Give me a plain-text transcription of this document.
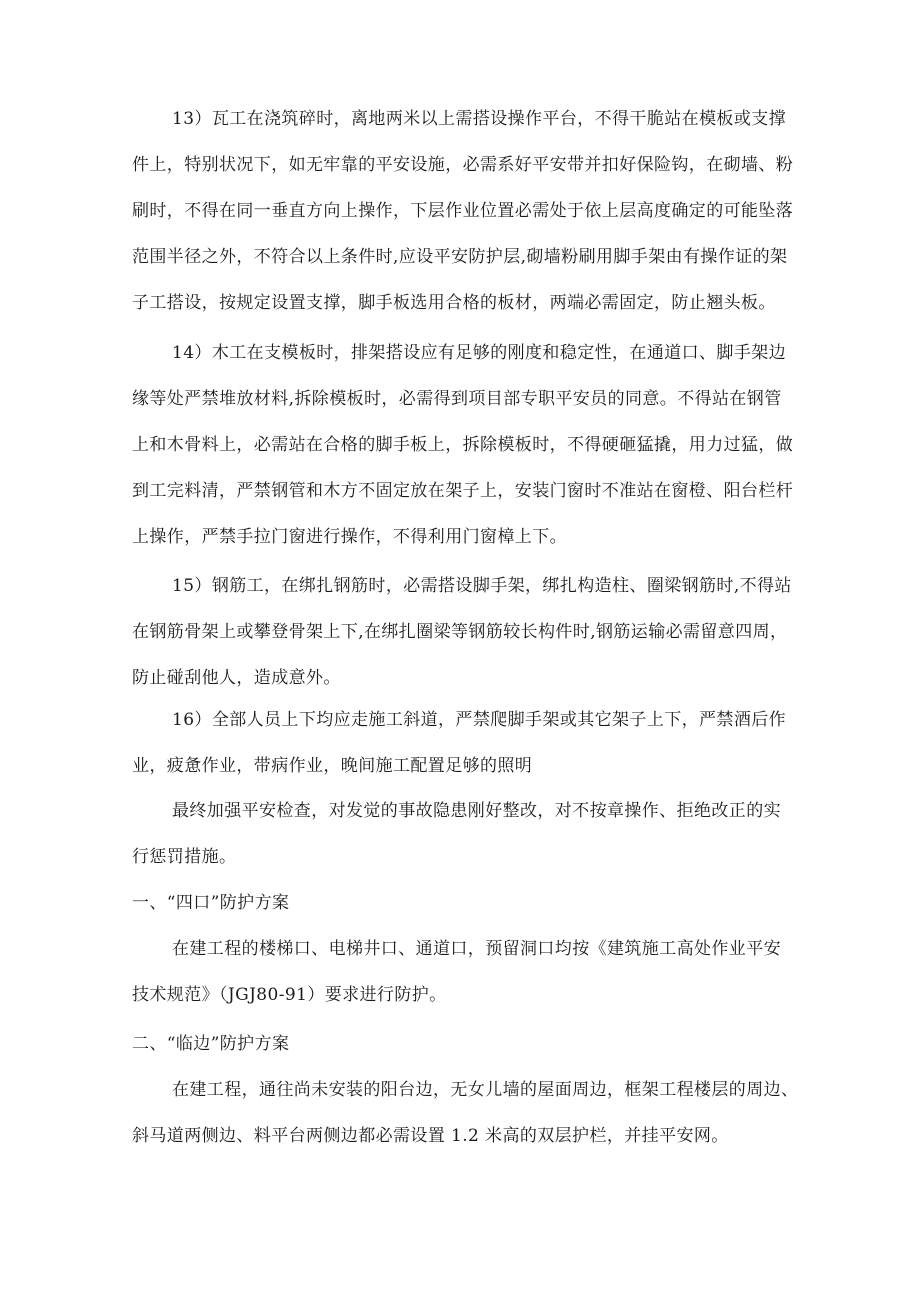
13）瓦工在浇筑碎时，离地两米以上需搭设操作平台，不得干脆站在模板或支撑
件上，特别状况下，如无牢靠的平安设施，必需系好平安带并扣好保险钩，在砌墙、粉
刷时，不得在同一垂直方向上操作，下层作业位置必需处于依上层高度确定的可能坠落
范围半径之外，不符合以上条件时,应设平安防护层,砌墙粉刷用脚手架由有操作证的架
子工搭设，按规定设置支撑，脚手板选用合格的板材，两端必需固定，防止翘头板。
14）木工在支模板时，排架搭设应有足够的刚度和稳定性，在通道口、脚手架边
缘等处严禁堆放材料,拆除模板时，必需得到项目部专职平安员的同意。不得站在钢管
上和木骨料上，必需站在合格的脚手板上，拆除模板时，不得硬砸猛撬，用力过猛，做
到工完料清，严禁钢管和木方不固定放在架子上，安装门窗时不准站在窗橙、阳台栏杆
上操作，严禁手拉门窗进行操作，不得利用门窗樟上下。
15）钢筋工，在绑扎钢筋时，必需搭设脚手架，绑扎构造柱、圈梁钢筋时,不得站
在钢筋骨架上或攀登骨架上下,在绑扎圈梁等钢筋较长构件时,钢筋运输必需留意四周，
防止碰刮他人，造成意外。
16）全部人员上下均应走施工斜道，严禁爬脚手架或其它架子上下，严禁酒后作
业，疲惫作业，带病作业，晚间施工配置足够的照明
最终加强平安检查，对发觉的事故隐患刚好整改，对不按章操作、拒绝改正的实
行惩罚措施。
一、“四口”防护方案
在建工程的楼梯口、电梯井口、通道口，预留洞口均按《建筑施工高处作业平安
技术规范》（JGJ80-91）要求进行防护。
二、“临边”防护方案
在建工程，通往尚未安装的阳台边，无女儿墙的屋面周边，框架工程楼层的周边、
斜马道两侧边、料平台两侧边都必需设置 1.2 米高的双层护栏，并挂平安网。
